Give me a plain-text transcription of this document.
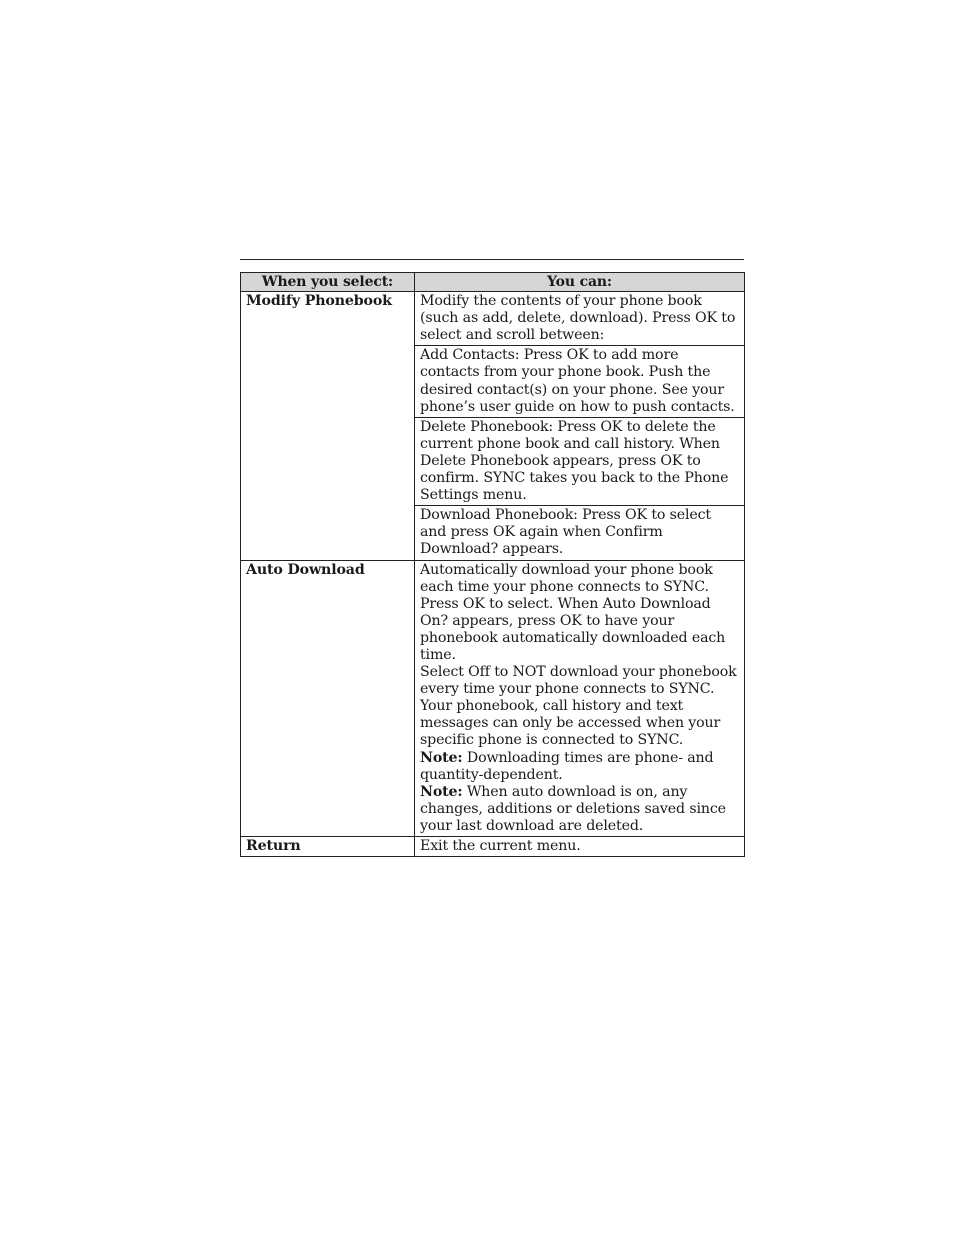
When you select:	You can:
Modify Phonebook	Modify the contents of your phone book (such as add, delete, download). Press OK to select and scroll between:
	Add Contacts: Press OK to add more contacts from your phone book. Push the desired contact(s) on your phone. See your phone’s user guide on how to push contacts.
	Delete Phonebook: Press OK to delete the current phone book and call history. When Delete Phonebook appears, press OK to confirm. SYNC takes you back to the Phone Settings menu.
	Download Phonebook: Press OK to select and press OK again when Confirm Download? appears.
Auto Download	Automatically download your phone book each time your phone connects to SYNC. Press OK to select. When Auto Download On? appears, press OK to have your phonebook automatically downloaded each time.
Select Off to NOT download your phonebook every time your phone connects to SYNC. Your phonebook, call history and text messages can only be accessed when your specific phone is connected to SYNC.
Note: Downloading times are phone- and quantity-dependent.
Note: When auto download is on, any changes, additions or deletions saved since your last download are deleted.

Return	Exit the current menu.
